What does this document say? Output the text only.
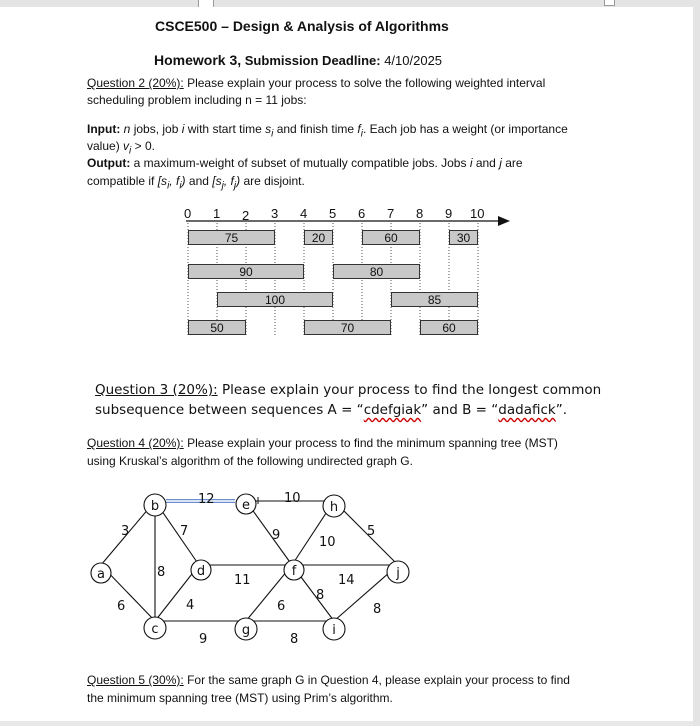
CSCE500 – Design & Analysis of Algorithms
Homework 3, Submission Deadline: 4/10/2025
Question 2 (20%): Please explain your process to solve the following weighted interval
scheduling problem including n = 11 jobs:
Input: n jobs, job i with start time $s_i$ and finish time $f_i$. Each job has a weight (or importance
value) $v_i > 0$.
Output: a maximum-weight of subset of mutually compatible jobs. Jobs i and j are
compatible if [$s_i$, $f_i$) and [$s_j$, $f_j$) are disjoint.
0 1 2 3 4 5 6 7 8 9 10
75	20	60	30
90	80
100	85
50	70	60
Question 3 (20%): Please explain your process to find the longest common
subsequence between sequences A = “cdefgiak” and B = “dadafick”.
Question 4 (20%): Please explain your process to find the minimum spanning tree (MST)
using Kruskal’s algorithm of the following undirected graph G.
a
b
c
d
e
f
g
h
i
j
3
12	10
7	9	5
8
11
10
14
6	4	6
8
9	8
8
Question 5 (30%): For the same graph G in Question 4, please explain your process to find
the minimum spanning tree (MST) using Prim’s algorithm.
